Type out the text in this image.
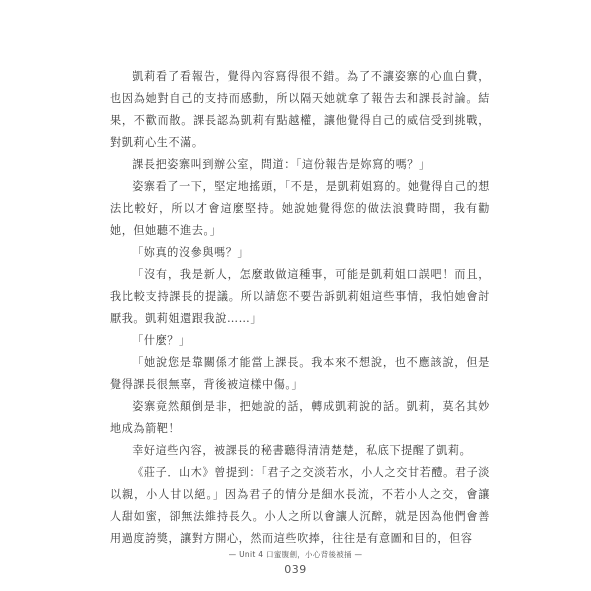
凱莉看了看報告，覺得內容寫得很不錯。為了不讓姿寨的心血白費，也因為她對自己的支持而感動，所以隔天她就拿了報告去和課長討論。結果，不歡而散。課長認為凱莉有點越權，讓他覺得自己的威信受到挑戰，對凱莉心生不滿。

課長把姿寨叫到辦公室，問道：「這份報告是妳寫的嗎？」

姿寨看了一下，堅定地搖頭，「不是，是凱莉姐寫的。她覺得自己的想法比較好，所以才會這麼堅持。她說她覺得您的做法浪費時間，我有勸她，但她聽不進去。」

「妳真的沒參與嗎？」

「沒有，我是新人，怎麼敢做這種事，可能是凱莉姐口誤吧！而且，我比較支持課長的提議。所以請您不要告訴凱莉姐這些事情，我怕她會討厭我。凱莉姐還跟我說……」

「什麼？」

「她說您是靠關係才能當上課長。我本來不想說，也不應該說，但是覺得課長很無辜，背後被這樣中傷。」

姿寨竟然顛倒是非，把她說的話，轉成凱莉說的話。凱莉，莫名其妙地成為箭靶！

幸好這些內容，被課長的秘書聽得清清楚楚，私底下提醒了凱莉。

《莊子．山木》曾提到：「君子之交淡若水，小人之交甘若醴。君子淡以親，小人甘以絕。」因為君子的情分是細水長流，不若小人之交，會讓人甜如蜜，卻無法維持長久。小人之所以會讓人沉醉，就是因為他們會善用過度誇獎，讓對方開心，然而這些吹捧，往往是有意圖和目的，但容

— Unit 4 口蜜腹劍，小心背後被捅 —
039
